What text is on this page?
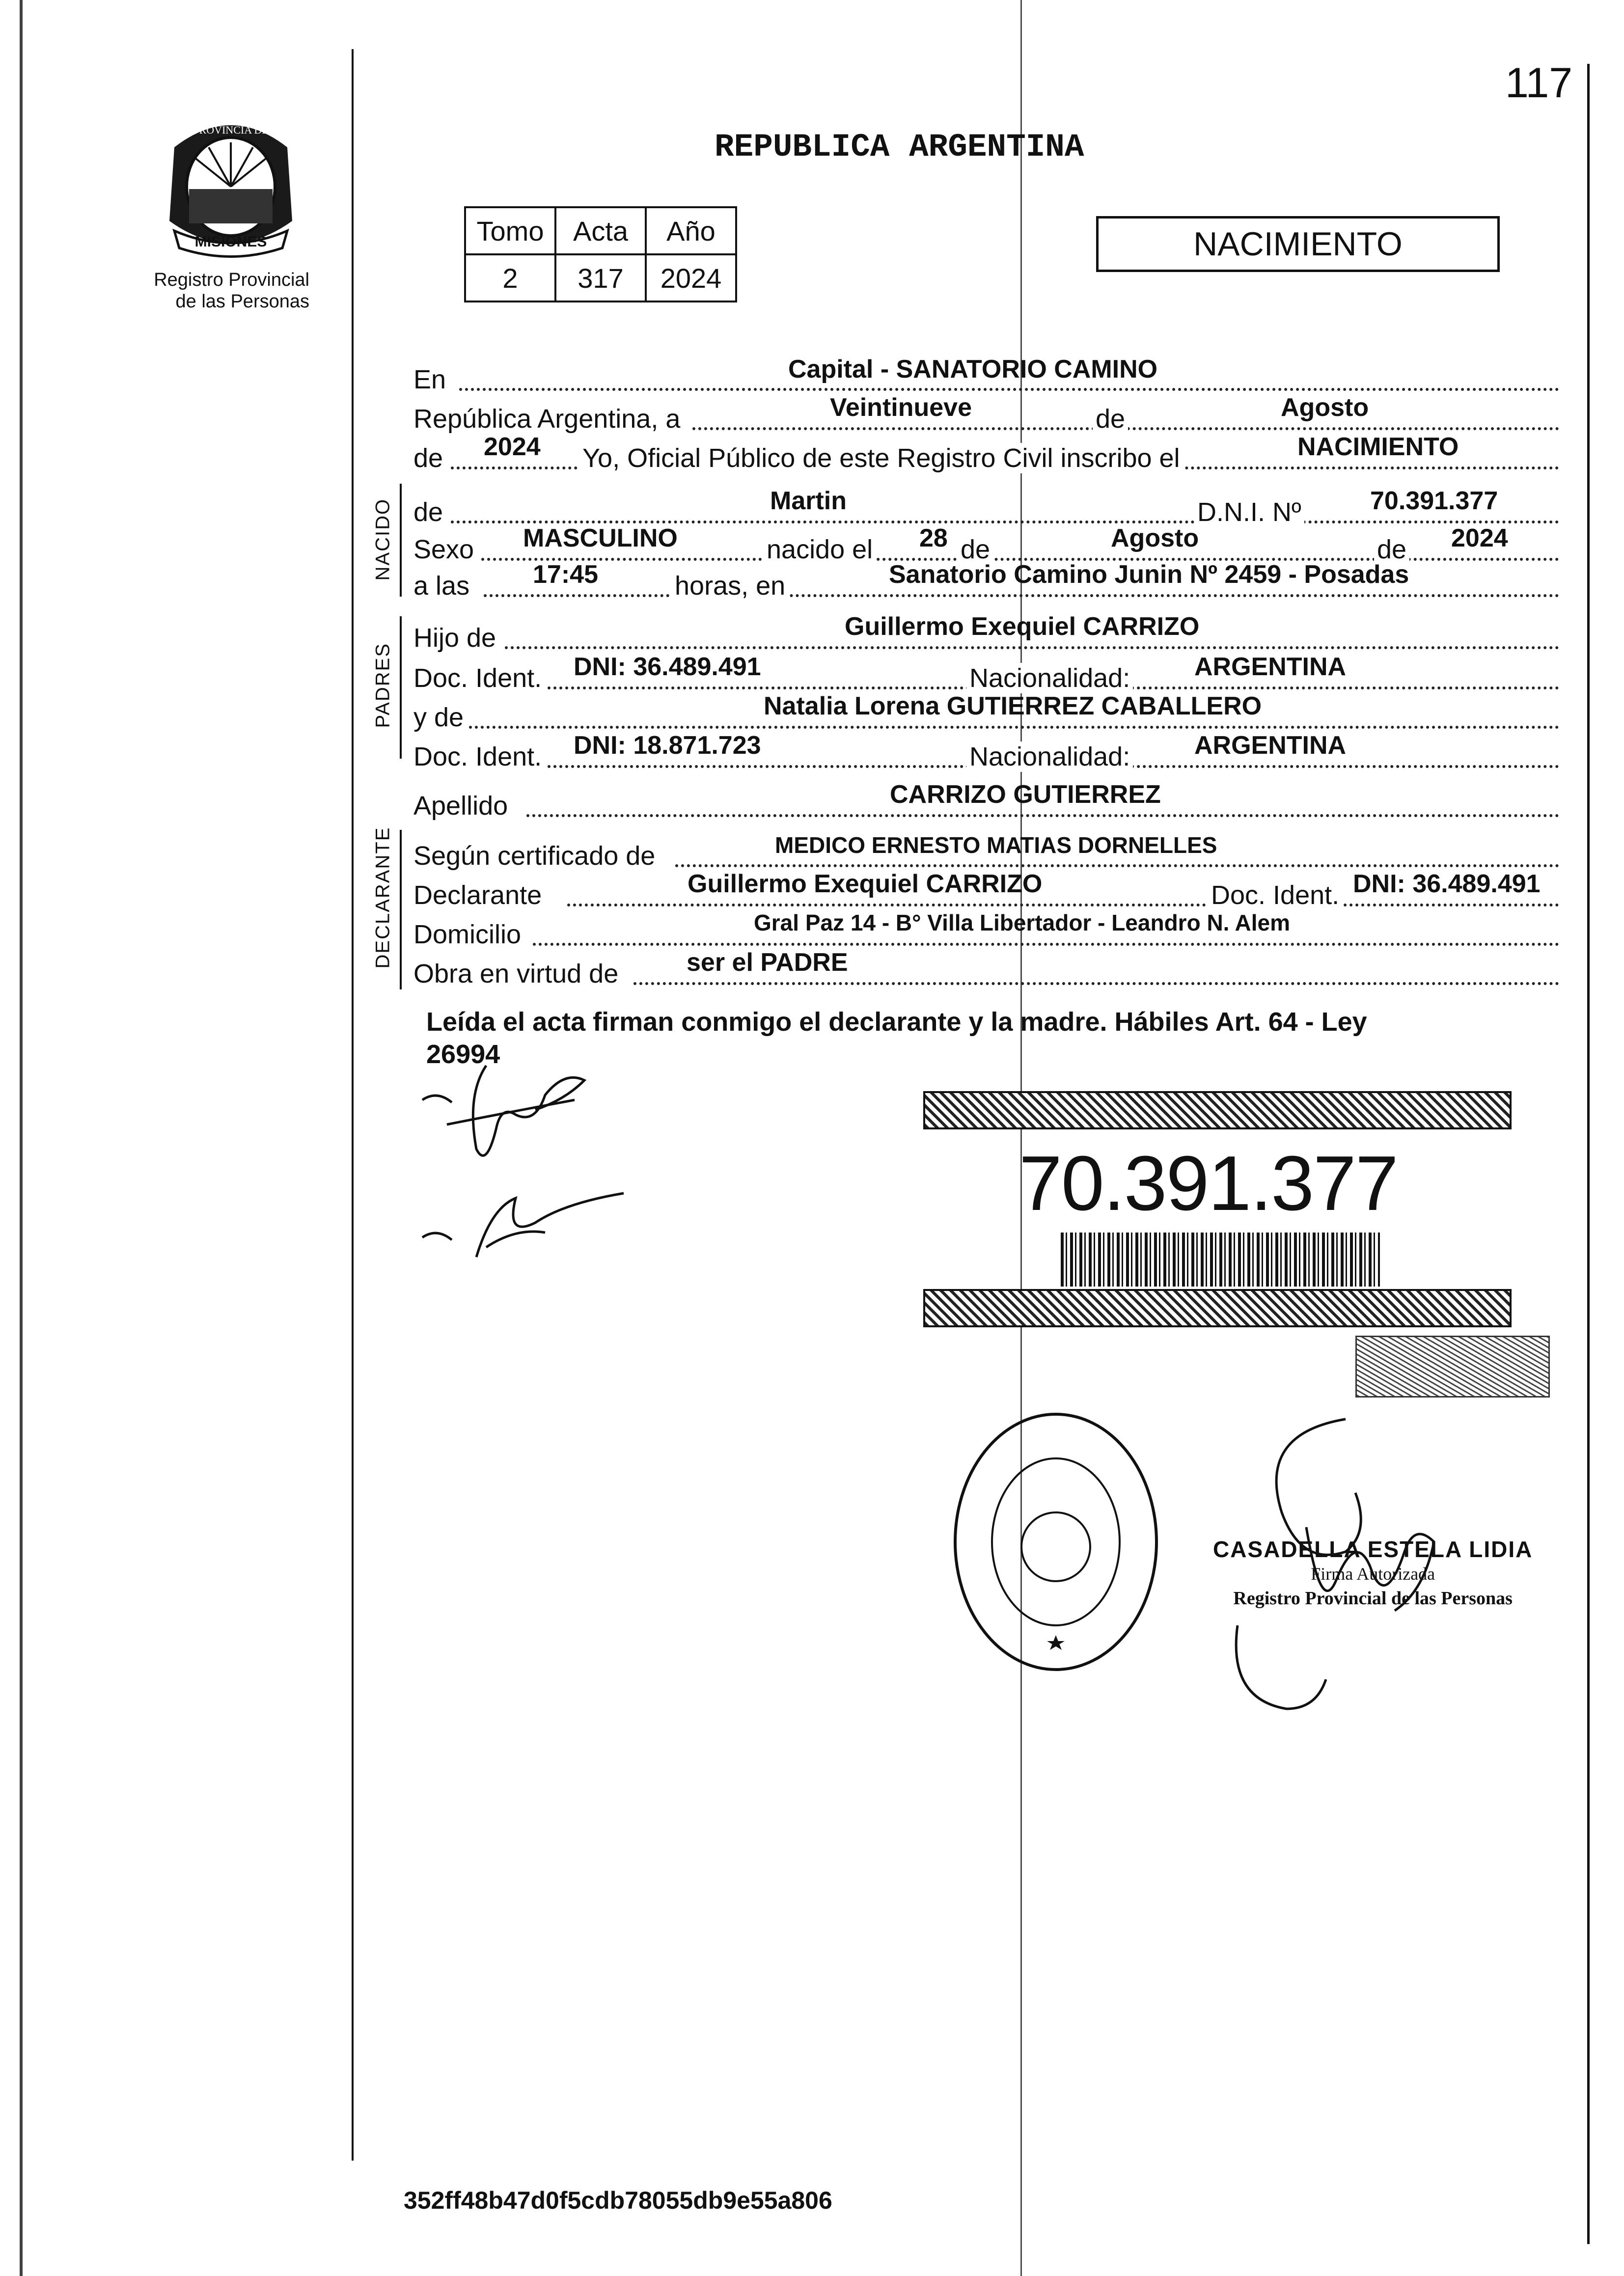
117
MISIONES
PROVINCIA DE
Registro Provincial
de las Personas
REPUBLICA ARGENTINA
Tomo	Acta	Año
2	317	2024
NACIMIENTO
En	Capital - SANATORIO CAMINO
República Argentina, a	Veintinueve	de	Agosto
de 2024 Yo, Oficial Público de este Registro Civil inscribo el	NACIMIENTO
NACIDO de	Martin	D.N.I. Nº	70.391.377
Sexo MASCULINO	nacido el 28 de	Agosto	de 2024
a las 17:45	horas, en	Sanatorio Camino Junin Nº 2459 - Posadas
PADRES
Hijo de	Guillermo Exequiel CARRIZO
Doc. Ident. DNI: 36.489.491	Nacionalidad:	ARGENTINA
y de	Natalia Lorena GUTIERREZ CABALLERO
Doc. Ident. DNI: 18.871.723	Nacionalidad:	ARGENTINA
Apellido	CARRIZO GUTIERREZ
DECLARANTE Según certificado de	MEDICO ERNESTO MATIAS DORNELLES
Declarante	Guillermo Exequiel CARRIZO	Doc. Ident. DNI: 36.489.491
Domicilio	Gral Paz 14 - B° Villa Libertador - Leandro N. Alem
Obra en virtud de	ser el PADRE
Leída el acta firman conmigo el declarante y la madre. Hábiles Art. 64 - Ley
26994
70.391.377
CASADELLA ESTELA LIDIA
Firma Autorizada
Registro Provincial de las Personas
352ff48b47d0f5cdb78055db9e55a806
